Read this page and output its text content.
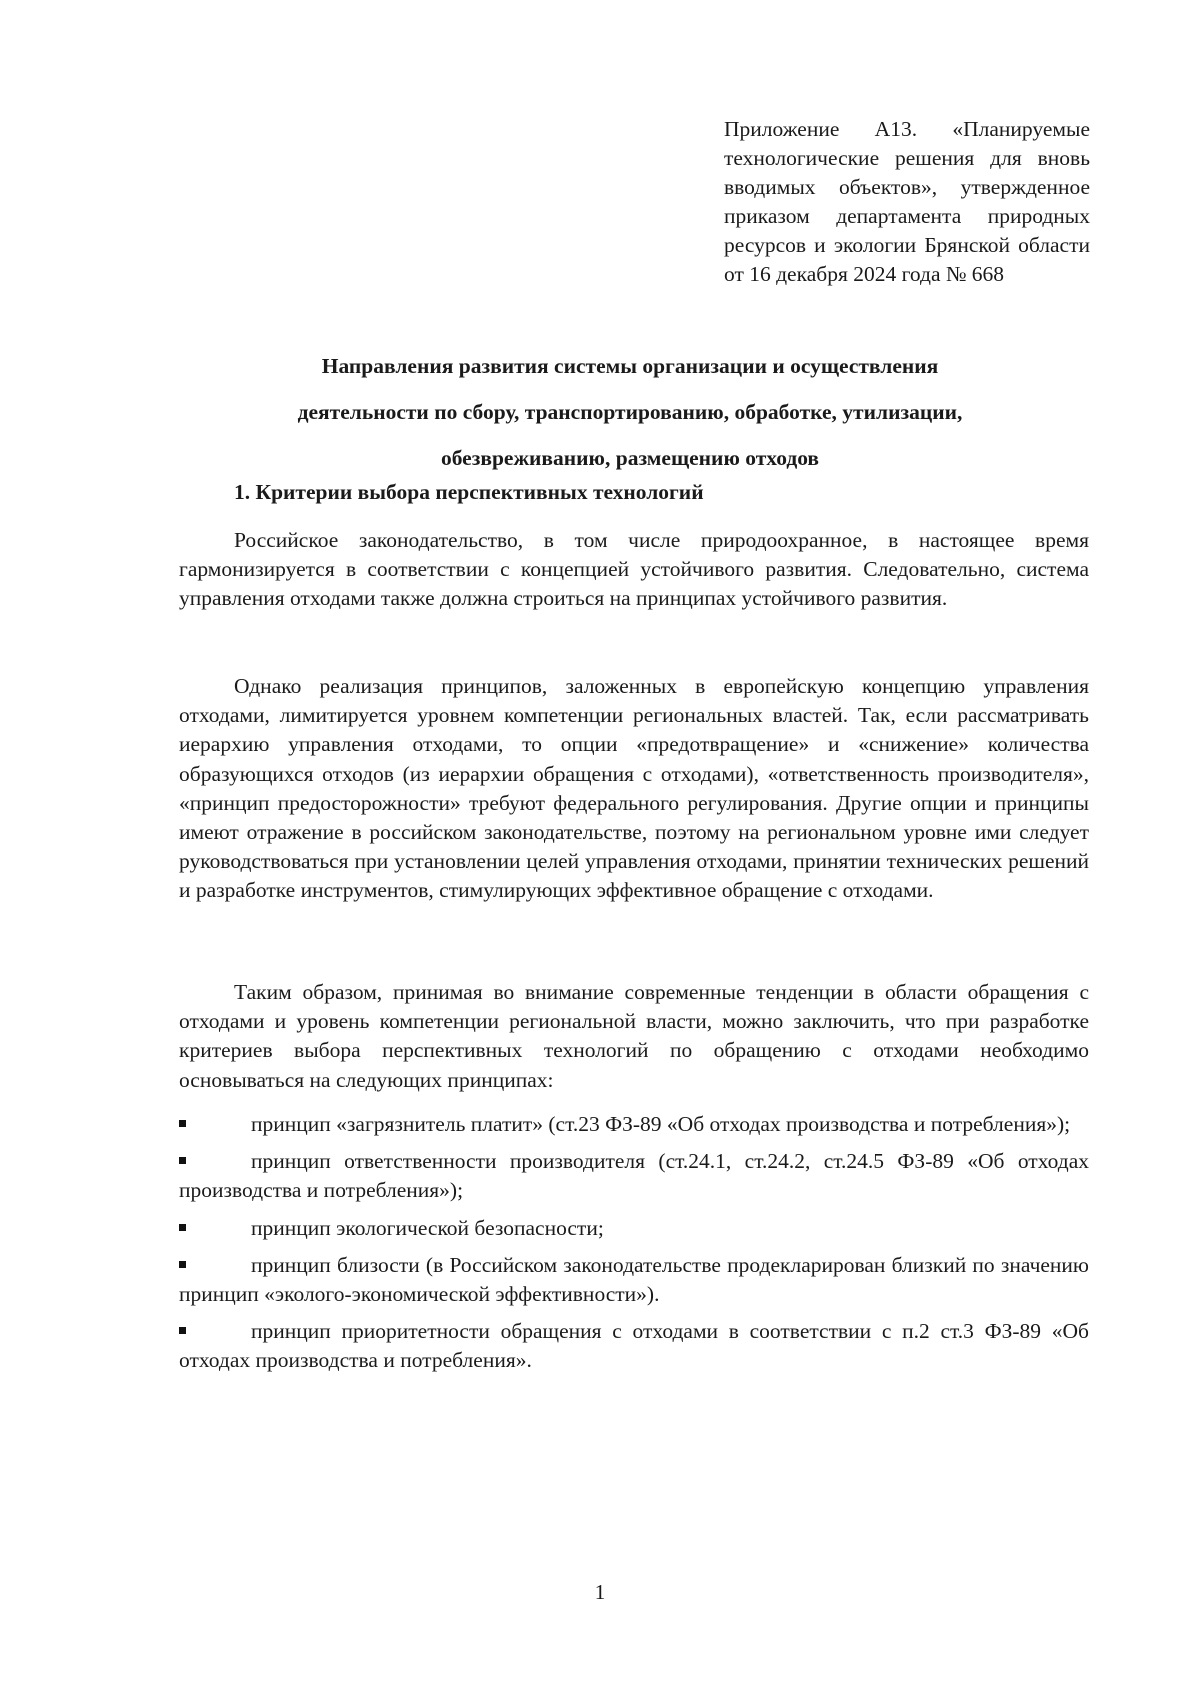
Приложение А13. «Планируемые технологические решения для вновь вводимых объектов», утвержденное приказом департамента природных ресурсов и экологии Брянской области от 16 декабря 2024 года № 668
Направления развития системы организации и осуществления
деятельности по сбору, транспортированию, обработке, утилизации,
обезвреживанию, размещению отходов
1. Критерии выбора перспективных технологий

Российское законодательство, в том числе природоохранное, в настоящее время гармонизируется в соответствии с концепцией устойчивого развития. Следовательно, система управления отходами также должна строиться на принципах устойчивого развития.

Однако реализация принципов, заложенных в европейскую концепцию управления отходами, лимитируется уровнем компетенции региональных властей. Так, если рассматривать иерархию управления отходами, то опции «предотвращение» и «снижение» количества образующихся отходов (из иерархии обращения с отходами), «ответственность производителя», «принцип предосторожности» требуют федерального регулирования. Другие опции и принципы имеют отражение в российском законодательстве, поэтому на региональном уровне ими следует руководствоваться при установлении целей управления отходами, принятии технических решений и разработке инструментов, стимулирующих эффективное обращение с отходами.

Таким образом, принимая во внимание современные тенденции в области обращения с отходами и уровень компетенции региональной власти, можно заключить, что при разработке критериев выбора перспективных технологий по обращению с отходами необходимо основываться на следующих принципах:

принцип «загрязнитель платит» (ст.23 ФЗ-89 «Об отходах производства и потребления»);
принцип ответственности производителя (ст.24.1, ст.24.2, ст.24.5 ФЗ-89 «Об отходах производства и потребления»);
принцип экологической безопасности;
принцип близости (в Российском законодательстве продекларирован близкий по значению принцип «эколого-экономической эффективности»).
принцип приоритетности обращения с отходами в соответствии с п.2 ст.3 ФЗ-89 «Об отходах производства и потребления».
1
